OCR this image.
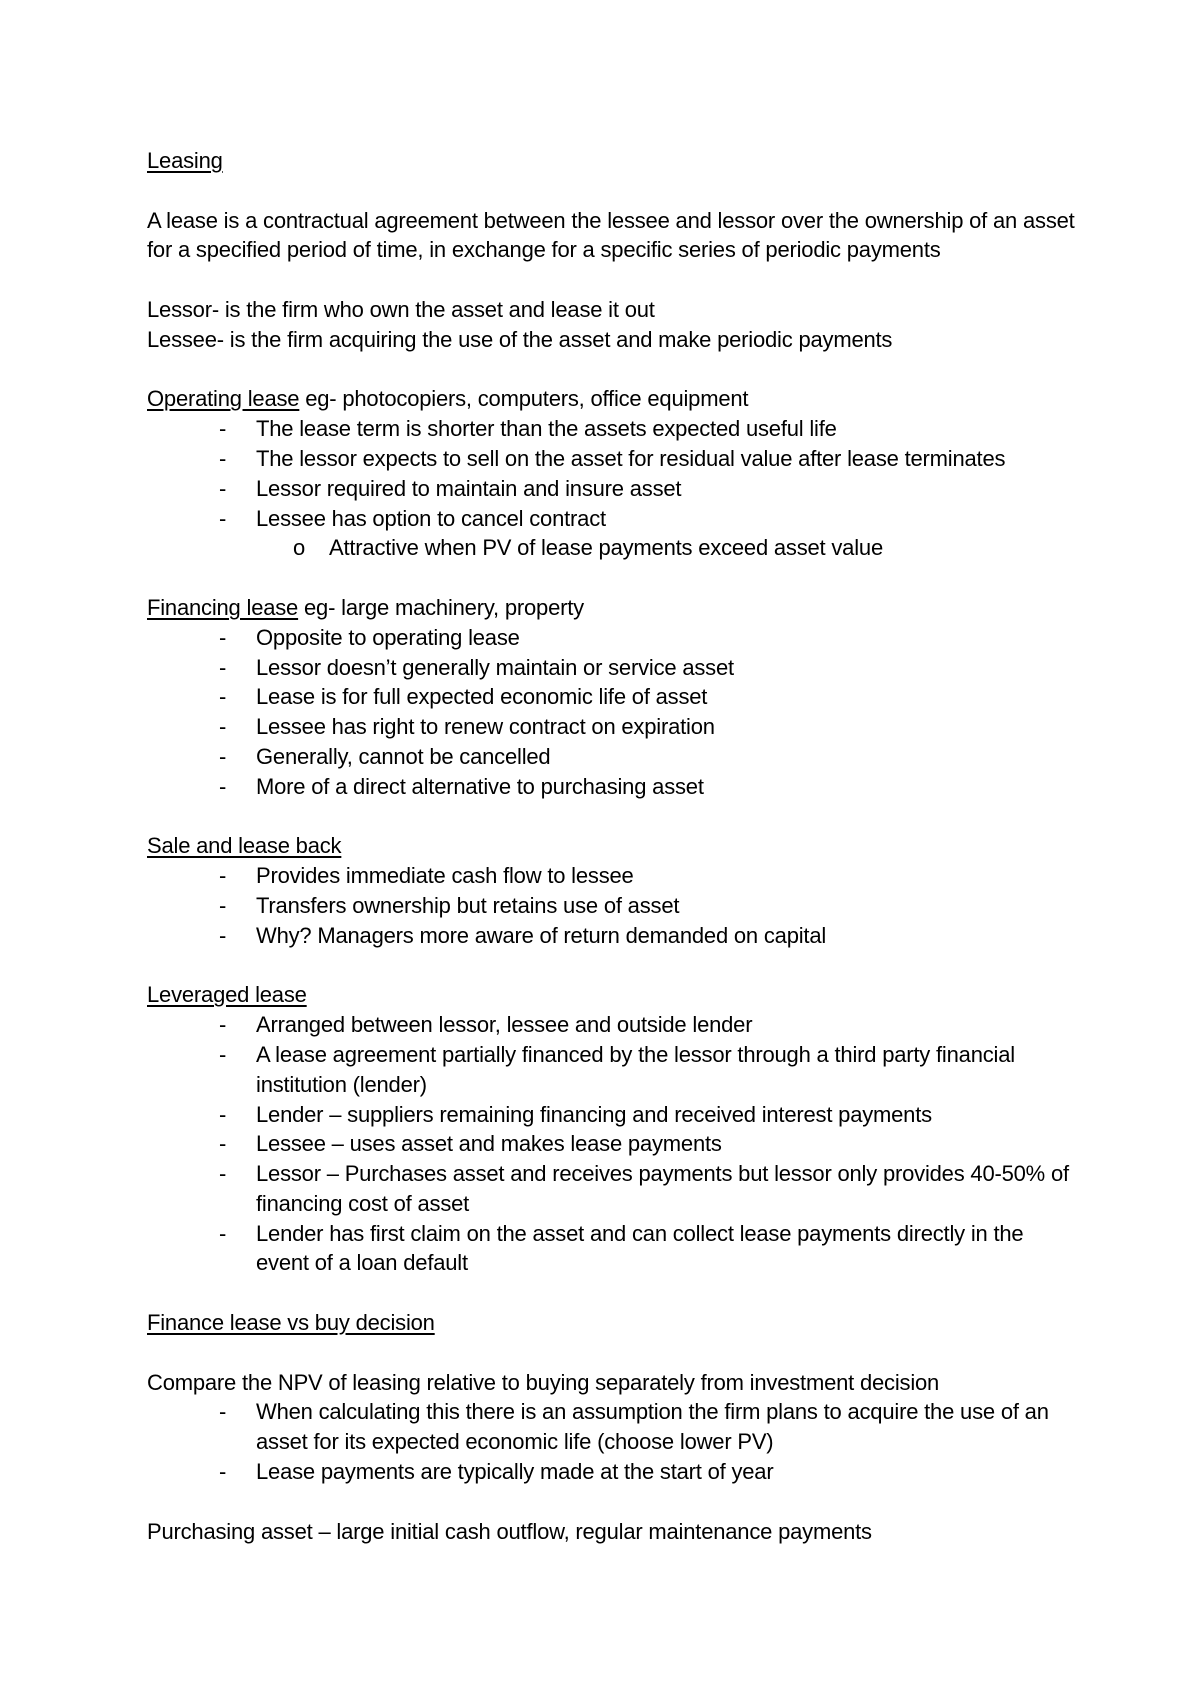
Leasing

A lease is a contractual agreement between the lessee and lessor over the ownership of an asset for a specified period of time, in exchange for a specific series of periodic payments

Lessor- is the firm who own the asset and lease it out

Lessee- is the firm acquiring the use of the asset and make periodic payments

Operating lease eg- photocopiers, computers, office equipment

- The lease term is shorter than the assets expected useful life
- The lessor expects to sell on the asset for residual value after lease terminates
- Lessor required to maintain and insure asset
- Lessee has option to cancel contract
o Attractive when PV of lease payments exceed asset value

Financing lease eg- large machinery, property

- Opposite to operating lease
- Lessor doesn’t generally maintain or service asset
- Lease is for full expected economic life of asset
- Lessee has right to renew contract on expiration
- Generally, cannot be cancelled
- More of a direct alternative to purchasing asset

Sale and lease back

- Provides immediate cash flow to lessee
- Transfers ownership but retains use of asset
- Why? Managers more aware of return demanded on capital

Leveraged lease

- Arranged between lessor, lessee and outside lender
- A lease agreement partially financed by the lessor through a third party financial institution (lender)
- Lender – suppliers remaining financing and received interest payments
- Lessee – uses asset and makes lease payments
- Lessor – Purchases asset and receives payments but lessor only provides 40-50% of financing cost of asset
- Lender has first claim on the asset and can collect lease payments directly in the event of a loan default

Finance lease vs buy decision

Compare the NPV of leasing relative to buying separately from investment decision

- When calculating this there is an assumption the firm plans to acquire the use of an asset for its expected economic life (choose lower PV)
- Lease payments are typically made at the start of year

Purchasing asset – large initial cash outflow, regular maintenance payments
